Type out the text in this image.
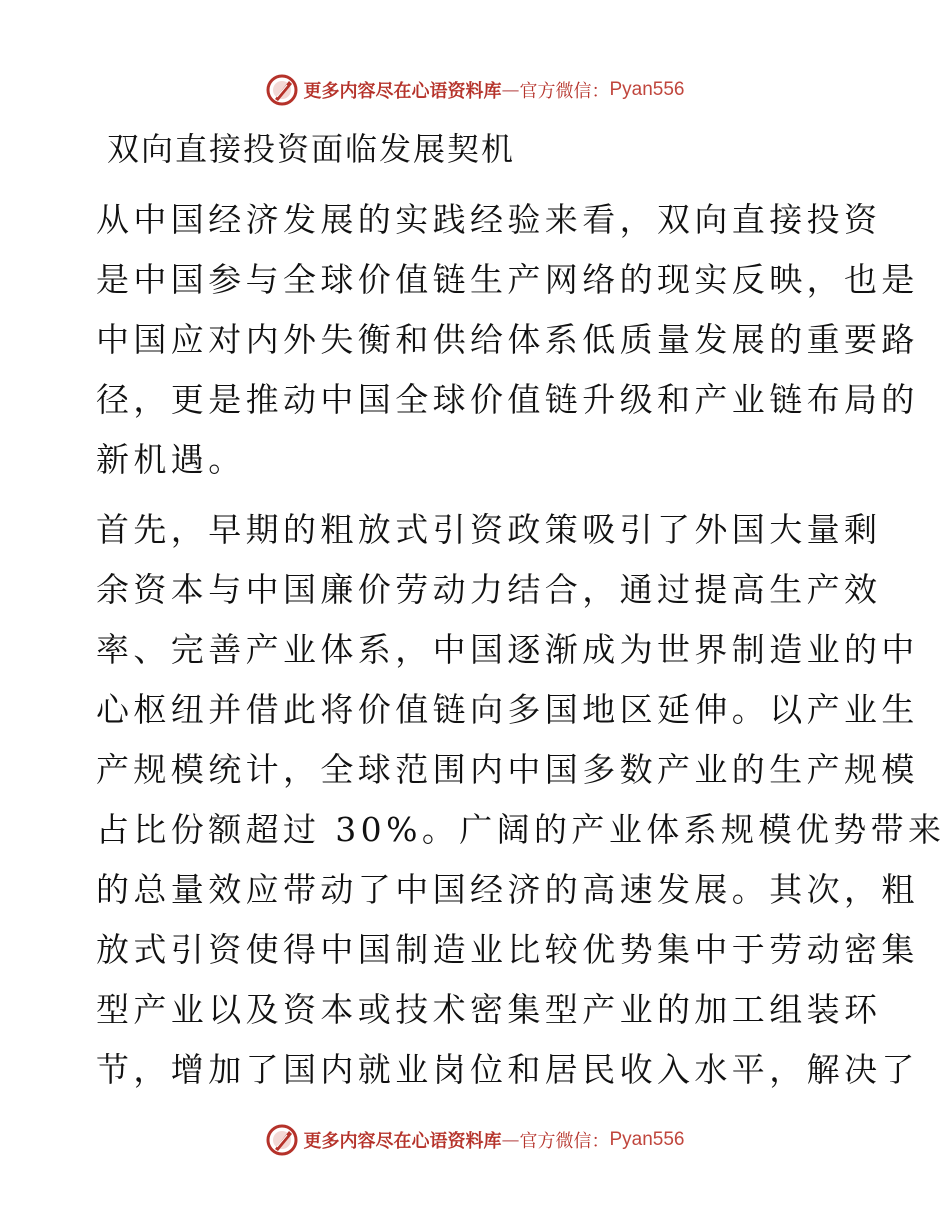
更多内容尽在心语资料库 — 官方微信： Pyan556
双向直接投资面临发展契机

从中国经济发展的实践经验来看，双向直接投资
是中国参与全球价值链生产网络的现实反映，也是
中国应对内外失衡和供给体系低质量发展的重要路
径，更是推动中国全球价值链升级和产业链布局的
新机遇。

首先，早期的粗放式引资政策吸引了外国大量剩
余资本与中国廉价劳动力结合，通过提高生产效
率、完善产业体系，中国逐渐成为世界制造业的中
心枢纽并借此将价值链向多国地区延伸。以产业生
产规模统计，全球范围内中国多数产业的生产规模
占比份额超过 30%。广阔的产业体系规模优势带来
的总量效应带动了中国经济的高速发展。其次，粗
放式引资使得中国制造业比较优势集中于劳动密集
型产业以及资本或技术密集型产业的加工组装环
节，增加了国内就业岗位和居民收入水平，解决了

更多内容尽在心语资料库 — 官方微信： Pyan556
